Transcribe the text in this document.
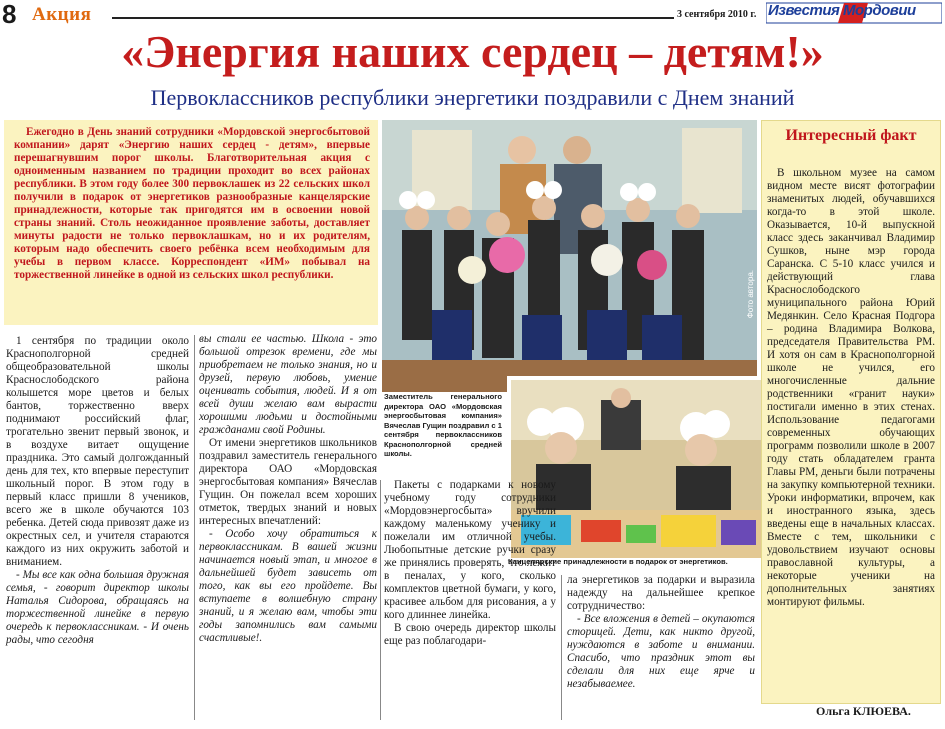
8 Акция	3 сентября 2010 г. Известия Мордовии
«Энергия наших сердец – детям!»
Первоклассников республики энергетики поздравили с Днем знаний
Ежегодно в День знаний сотрудники «Мордовской энергосбытовой компании» дарят «Энергию наших сердец - детям», впервые перешагнувшим порог школы. Благотворительная акция с одноименным названием по традиции проходит во всех районах республики. В этом году более 300 первоклашек из 22 сельских школ получили в подарок от энергетиков разнообразные канцелярские принадлежности, которые так пригодятся им в освоении новой страны знаний. Столь неожиданное проявление заботы, доставляет минуты радости не только первоклашкам, но и их родителям, которым надо обеспечить своего ребёнка всем необходимым для учебы в первом классе. Корреспондент «ИМ» побывал на торжественной линейке в одной из сельских школ республики.	Фото автора.
Заместитель генерального директора ОАО «Мордовская энергосбытовая компания» Вячеслав Гущин поздравил с 1 сентября первоклассников Краснополгорной средней школы.
Канцелярские принадлежности в подарок от энергетиков.
Интересный факт
В школьном музее на самом видном месте висят фотографии знаменитых людей, обучавшихся когда-то в этой школе. Оказывается, 10-й выпускной класс здесь заканчивал Владимир Сушков, ныне мэр города Саранска. С 5-10 класс учился и действующий глава Краснослободского муниципального района Юрий Медянкин. Село Красная Подгора – родина Владимира Волкова, председателя Правительства РМ. И хотя он сам в Краснополгорной школе не учился, его многочисленные дальние родственники «гранит науки» постигали именно в этих стенах. Использование педагогами современных обучающих программ позволили школе в 2007 году стать обладателем гранта Главы РМ, деньги были потрачены на закупку компьютерной техники. Уроки информатики, впрочем, как и иностранного языка, здесь введены еще в начальных классах. Вместе с тем, школьники с удовольствием изучают основы православной культуры, а некоторые ученики на дополнительных занятиях монтируют фильмы.

1 сентября по традиции около Краснополгорной средней общеобразовательной школы Краснослободского района колышется море цветов и белых бантов, торжественно вверх поднимают российский флаг, трогательно звенит первый звонок, и в воздухе витает ощущение праздника. Это самый долгожданный день для тех, кто впервые переступит школьный порог. В этом году в первый класс пришли 8 учеников, всего же в школе обучаются 103 ребенка. Детей сюда привозят даже из окрестных сел, и учителя стараются каждого из них окружить заботой и вниманием.

- Мы все как одна большая дружная семья, - говорит директор школы Наталья Сидорова, обращаясь на торжественной линейке в первую очередь к первоклассникам. - И очень рады, что сегодня

вы стали ее частью. Школа - это большой отрезок времени, где мы приобретаем не только знания, но и друзей, первую любовь, умение оценивать события, людей. И я от всей души желаю вам вырасти хорошими людьми и достойными гражданами свой Родины.

От имени энергетиков школьников поздравил заместитель генерального директора ОАО «Мордовская энергосбытовая компания» Вячеслав Гущин. Он пожелал всем хороших отметок, твердых знаний и новых интересных впечатлений:

- Особо хочу обратиться к первоклассникам. В вашей жизни начинается новый этап, и многое в дальнейшей будет зависеть от того, как вы его пройдете. Вы вступаете в волшебную страну знаний, и я желаю вам, чтобы эти годы запомнились вам самыми счастливые!.

Пакеты с подарками к новому учебному году сотрудники «Мордовэнергосбыта» вручили каждому маленькому ученику и пожелали им отличной учебы. Любопытные детские ручки сразу же принялись проверять, что лежит в пеналах, у кого, сколько комплектов цветной бумаги, у кого, красивее альбом для рисования, а у кого длиннее линейка.

В свою очередь директор школы еще раз поблагодари-

ла энергетиков за подарки и выразила надежду на дальнейшее крепкое сотрудничество:

- Все вложения в детей – окупаются сторицей. Дети, как никто другой, нуждаются в заботе и внимании. Спасибо, что праздник этот вы сделали для них еще ярче и незабываемее.

Ольга КЛЮЕВА.
